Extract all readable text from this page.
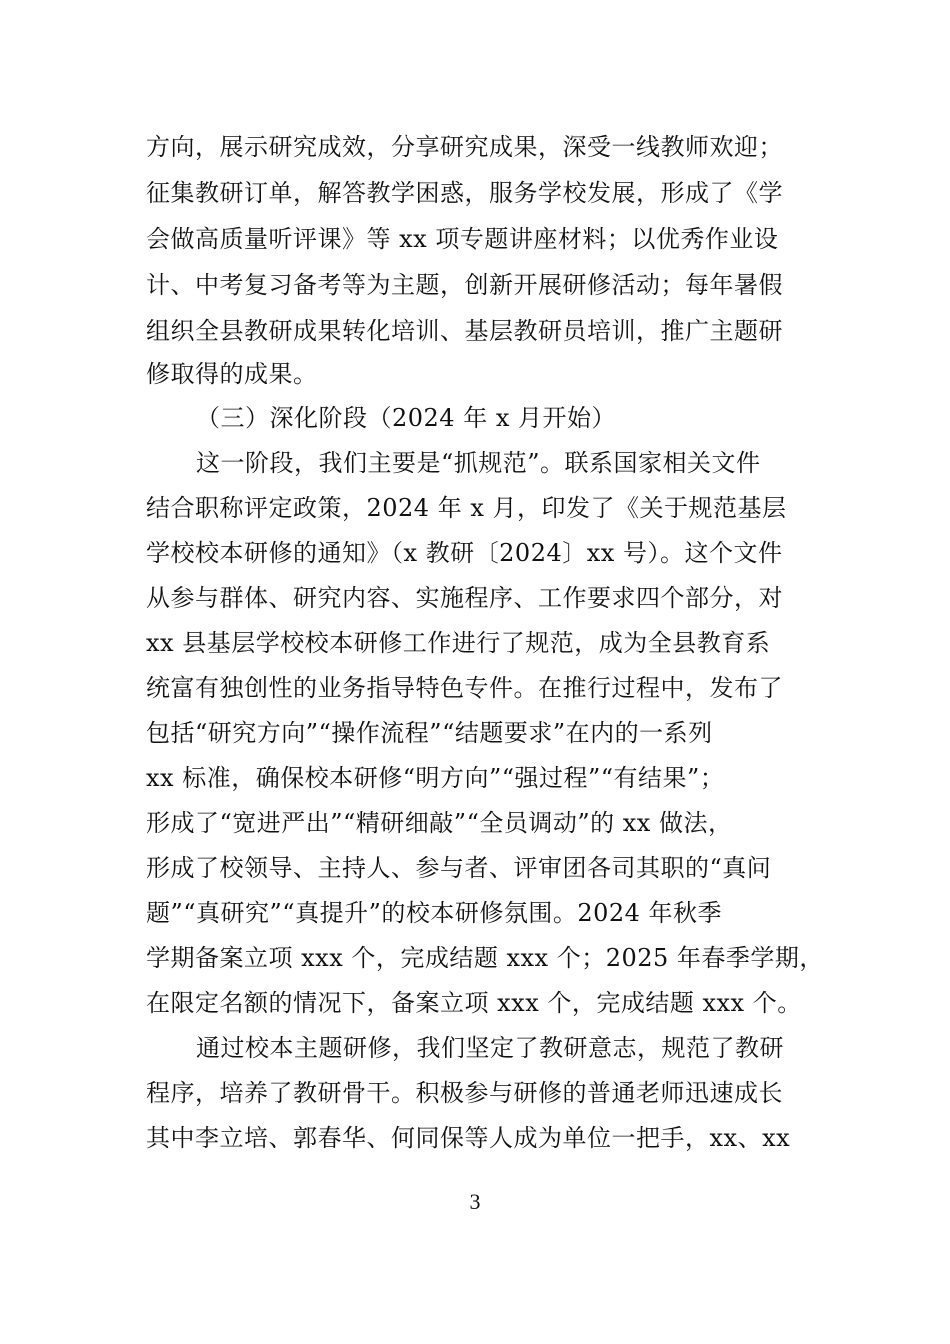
方向，展示研究成效，分享研究成果，深受一线教师欢迎；
征集教研订单，解答教学困惑，服务学校发展，形成了《学
会做高质量听评课》等 xx 项专题讲座材料；以优秀作业设
计、中考复习备考等为主题，创新开展研修活动；每年暑假
组织全县教研成果转化培训、基层教研员培训，推广主题研
修取得的成果。
（三）深化阶段（2024 年 x 月开始）
这一阶段，我们主要是“抓规范”。联系国家相关文件
结合职称评定政策，2024 年 x 月，印发了《关于规范基层
学校校本研修的通知》（x 教研〔2024〕xx 号）。这个文件
从参与群体、研究内容、实施程序、工作要求四个部分，对
xx 县基层学校校本研修工作进行了规范，成为全县教育系
统富有独创性的业务指导特色专件。在推行过程中，发布了
包括“研究方向”“操作流程”“结题要求”在内的一系列
xx 标准，确保校本研修“明方向”“强过程”“有结果”；
形成了“宽进严出”“精研细敲”“全员调动”的 xx 做法，
形成了校领导、主持人、参与者、评审团各司其职的“真问
题”“真研究”“真提升”的校本研修氛围。2024 年秋季
学期备案立项 xxx 个，完成结题 xxx 个；2025 年春季学期，
在限定名额的情况下，备案立项 xxx 个，完成结题 xxx 个。
通过校本主题研修，我们坚定了教研意志，规范了教研
程序，培养了教研骨干。积极参与研修的普通老师迅速成长
其中李立培、郭春华、何同保等人成为单位一把手，xx、xx
3
